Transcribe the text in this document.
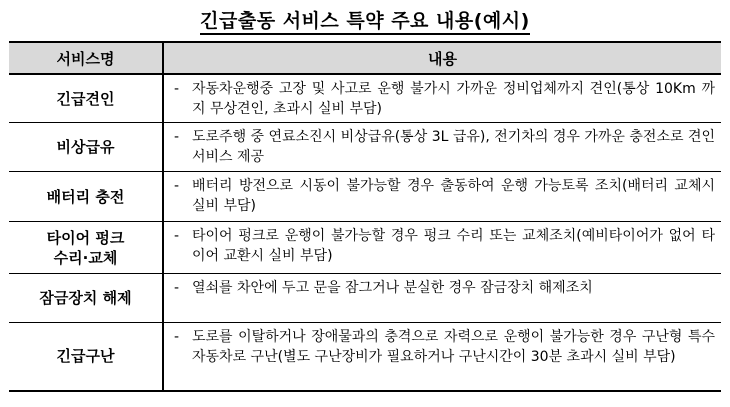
긴급출동 서비스 특약 주요 내용(예시)
서비스명	내용
긴급견인	- 자동차운행중 고장 및 사고로 운행 불가시 가까운 정비업체까지 견인(통상 10Km 까지 무상견인, 초과시 실비 부담)

비상급유	- 도로주행 중 연료소진시 비상급유(통상 3L 급유), 전기차의 경우 가까운 충전소로 견인 서비스 제공

배터리 충전	- 배터리 방전으로 시동이 불가능할 경우 출동하여 운행 가능토록 조치(배터리 교체시 실비 부담)

타이어 펑크
수리·교체	- 타이어 펑크로 운행이 불가능할 경우 펑크 수리 또는 교체조치(예비타이어가 없어 타이어 교환시 실비 부담)

잠금장치 해제	- 열쇠를 차안에 두고 문을 잠그거나 분실한 경우 잠금장치 해제조치

긴급구난	- 도로를 이탈하거나 장애물과의 충격으로 자력으로 운행이 불가능한 경우 구난형 특수자동차로 구난(별도 구난장비가 필요하거나 구난시간이 30분 초과시 실비 부담)
